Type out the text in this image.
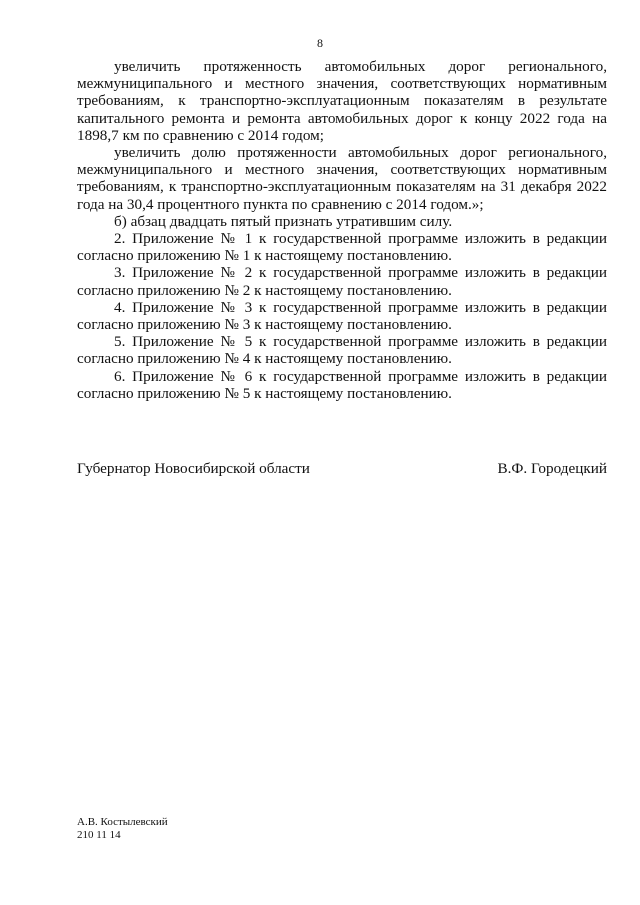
8

увеличить протяженность автомобильных дорог регионального, межмуниципального и местного значения, соответствующих нормативным требованиям, к транспортно-эксплуатационным показателям в результате капитального ремонта и ремонта автомобильных дорог к концу 2022 года на 1898,7 км по сравнению с 2014 годом;

увеличить долю протяженности автомобильных дорог регионального, межмуниципального и местного значения, соответствующих нормативным требованиям, к транспортно-эксплуатационным показателям на 31 декабря 2022 года на 30,4 процентного пункта по сравнению с 2014 годом.»;

б) абзац двадцать пятый признать утратившим силу.

2. Приложение № 1 к государственной программе изложить в редакции согласно приложению № 1 к настоящему постановлению.

3. Приложение № 2 к государственной программе изложить в редакции согласно приложению № 2 к настоящему постановлению.

4. Приложение № 3 к государственной программе изложить в редакции согласно приложению № 3 к настоящему постановлению.

5. Приложение № 5 к государственной программе изложить в редакции согласно приложению № 4 к настоящему постановлению.

6. Приложение № 6 к государственной программе изложить в редакции согласно приложению № 5 к настоящему постановлению.

Губернатор Новосибирской области	В.Ф. Городецкий
А.В. Костылевский
210 11 14
